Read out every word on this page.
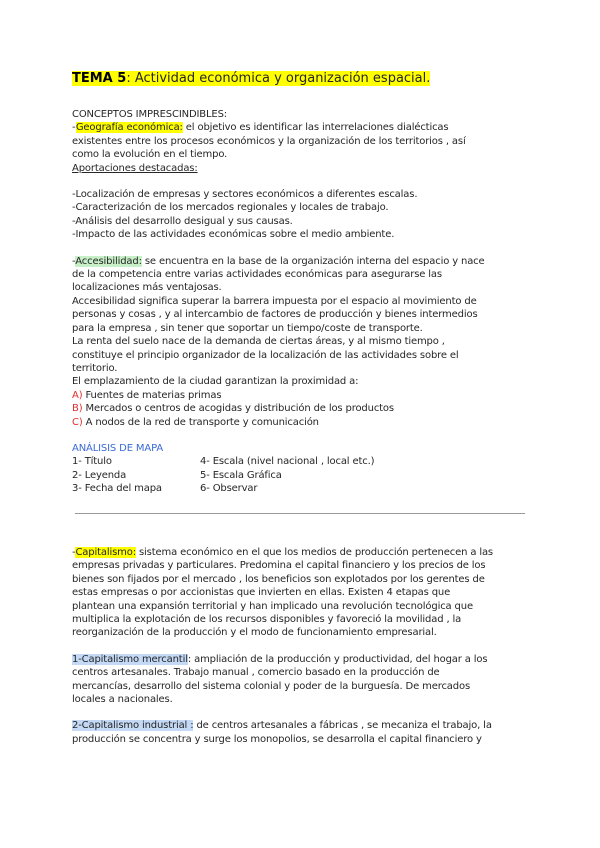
TEMA 5: Actividad económica y organización espacial.

CONCEPTOS IMPRESCINDIBLES:

-Geografía económica: el objetivo es identificar las interrelaciones dialécticas

existentes entre los procesos económicos y la organización de los territorios , así

como la evolución en el tiempo.

Aportaciones destacadas:

-Localización de empresas y sectores económicos a diferentes escalas.

-Caracterización de los mercados regionales y locales de trabajo.

-Análisis del desarrollo desigual y sus causas.

-Impacto de las actividades económicas sobre el medio ambiente.

-Accesibilidad: se encuentra en la base de la organización interna del espacio y nace

de la competencia entre varias actividades económicas para asegurarse las

localizaciones más ventajosas.

Accesibilidad significa superar la barrera impuesta por el espacio al movimiento de

personas y cosas , y al intercambio de factores de producción y bienes intermedios

para la empresa , sin tener que soportar un tiempo/coste de transporte.

La renta del suelo nace de la demanda de ciertas áreas, y al mismo tiempo ,

constituye el principio organizador de la localización de las actividades sobre el

territorio.

El emplazamiento de la ciudad garantizan la proximidad a:

A) Fuentes de materias primas

B) Mercados o centros de acogidas y distribución de los productos

C) A nodos de la red de transporte y comunicación

ANÁLISIS DE MAPA

1- Título	4- Escala (nivel nacional , local etc.)
2- Leyenda	5- Escala Gráfica
3- Fecha del mapa	6- Observar

-Capitalismo: sistema económico en el que los medios de producción pertenecen a las

empresas privadas y particulares. Predomina el capital financiero y los precios de los

bienes son fijados por el mercado , los beneficios son explotados por los gerentes de

estas empresas o por accionistas que invierten en ellas. Existen 4 etapas que

plantean una expansión territorial y han implicado una revolución tecnológica que

multiplica la explotación de los recursos disponibles y favoreció la movilidad , la

reorganización de la producción y el modo de funcionamiento empresarial.

1-Capitalismo mercantil: ampliación de la producción y productividad, del hogar a los

centros artesanales. Trabajo manual , comercio basado en la producción de

mercancías, desarrollo del sistema colonial y poder de la burguesía. De mercados

locales a nacionales.

2-Capitalismo industrial : de centros artesanales a fábricas , se mecaniza el trabajo, la

producción se concentra y surge los monopolios, se desarrolla el capital financiero y
